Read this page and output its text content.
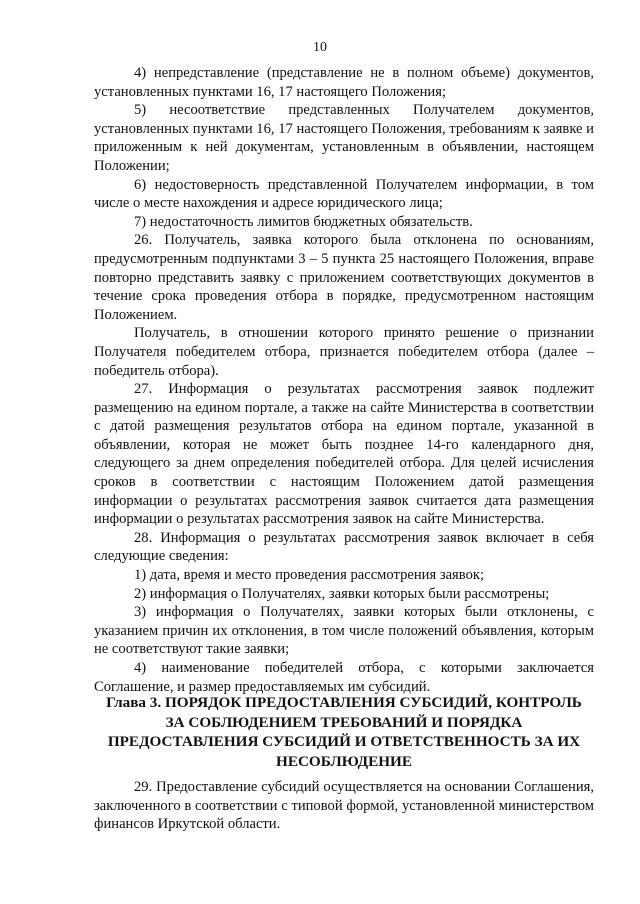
10

4) непредставление (представление не в полном объеме) документов, установленных пунктами 16, 17 настоящего Положения;

5) несоответствие представленных Получателем документов, установленных пунктами 16, 17 настоящего Положения, требованиям к заявке и приложенным к ней документам, установленным в объявлении, настоящем Положении;

6) недостоверность представленной Получателем информации, в том числе о месте нахождения и адресе юридического лица;

7) недостаточность лимитов бюджетных обязательств.

26. Получатель, заявка которого была отклонена по основаниям, предусмотренным подпунктами 3 – 5 пункта 25 настоящего Положения, вправе повторно представить заявку с приложением соответствующих документов в течение срока проведения отбора в порядке, предусмотренном настоящим Положением.

Получатель, в отношении которого принято решение о признании Получателя победителем отбора, признается победителем отбора (далее – победитель отбора).

27. Информация о результатах рассмотрения заявок подлежит размещению на едином портале, а также на сайте Министерства в соответствии с датой размещения результатов отбора на едином портале, указанной в объявлении, которая не может быть позднее 14-го календарного дня, следующего за днем определения победителей отбора. Для целей исчисления сроков в соответствии с настоящим Положением датой размещения информации о результатах рассмотрения заявок считается дата размещения информации о результатах рассмотрения заявок на сайте Министерства.

28. Информация о результатах рассмотрения заявок включает в себя следующие сведения:

1) дата, время и место проведения рассмотрения заявок;

2) информация о Получателях, заявки которых были рассмотрены;

3) информация о Получателях, заявки которых были отклонены, с указанием причин их отклонения, в том числе положений объявления, которым не соответствуют такие заявки;

4) наименование победителей отбора, с которыми заключается Соглашение, и размер предоставляемых им субсидий.

Глава 3. ПОРЯДОК ПРЕДОСТАВЛЕНИЯ СУБСИДИЙ, КОНТРОЛЬ

ЗА СОБЛЮДЕНИЕМ ТРЕБОВАНИЙ И ПОРЯДКА

ПРЕДОСТАВЛЕНИЯ СУБСИДИЙ И ОТВЕТСТВЕННОСТЬ ЗА ИХ

НЕСОБЛЮДЕНИЕ

29. Предоставление субсидий осуществляется на основании Соглашения, заключенного в соответствии с типовой формой, установленной министерством финансов Иркутской области.
